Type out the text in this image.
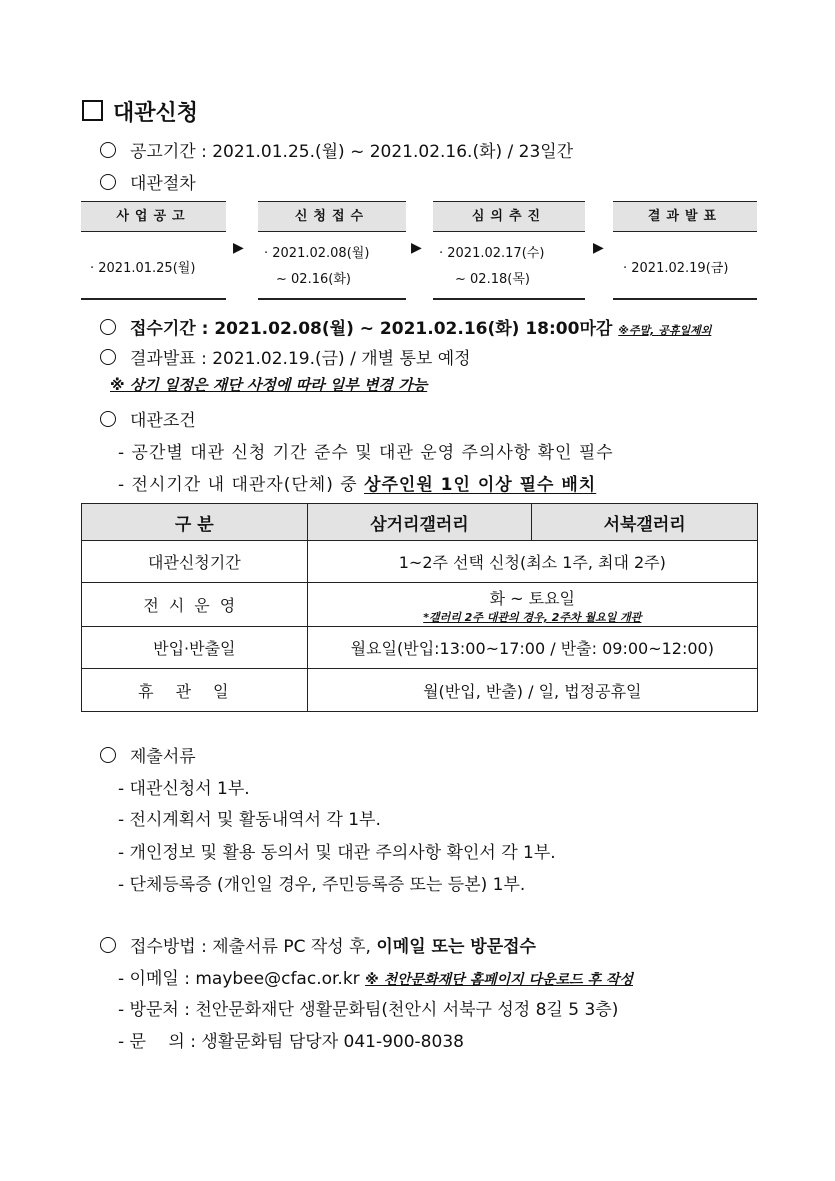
대관신청
공고기간 : 2021.01.25.(월) ~ 2021.02.16.(화) / 23일간
대관절차
사업공고
· 2021.01.25(월)
▶
신청접수
· 2021.02.08(월)
~ 02.16(화)
▶
심의추진
· 2021.02.17(수)
~ 02.18(목)
▶
결과발표
· 2021.02.19(금)
접수기간 : 2021.02.08(월) ~ 2021.02.16(화) 18:00마감 ※주말, 공휴일제외
결과발표 : 2021.02.19.(금) / 개별 통보 예정
※ 상기 일정은 재단 사정에 따라 일부 변경 가능
대관조건
- 공간별 대관 신청 기간 준수 및 대관 운영 주의사항 확인 필수
- 전시기간 내 대관자(단체) 중 상주인원 1인 이상 필수 배치
구 분	삼거리갤러리	서북갤러리
대관신청기간	1~2주 선택 신청(최소 1주, 최대 2주)	
전시운영	화 ~ 토요일
*갤러리 2주 대관의 경우, 2주차 월요일 개관	

반입·반출일	월요일(반입:13:00~17:00 / 반출: 09:00~12:00)	
휴관일	월(반입, 반출) / 일, 법정공휴일	
제출서류
- 대관신청서 1부.
- 전시계획서 및 활동내역서 각 1부.
- 개인정보 및 활용 동의서 및 대관 주의사항 확인서 각 1부.
- 단체등록증 (개인일 경우, 주민등록증 또는 등본) 1부.
접수방법 : 제출서류 PC 작성 후, 이메일 또는 방문접수
- 이메일 : maybee@cfac.or.kr ※ 천안문화재단 홈페이지 다운로드 후 작성
- 방문처 : 천안문화재단 생활문화팀(천안시 서북구 성정 8길 5 3층)
- 문　 의 : 생활문화팀 담당자 041-900-8038
